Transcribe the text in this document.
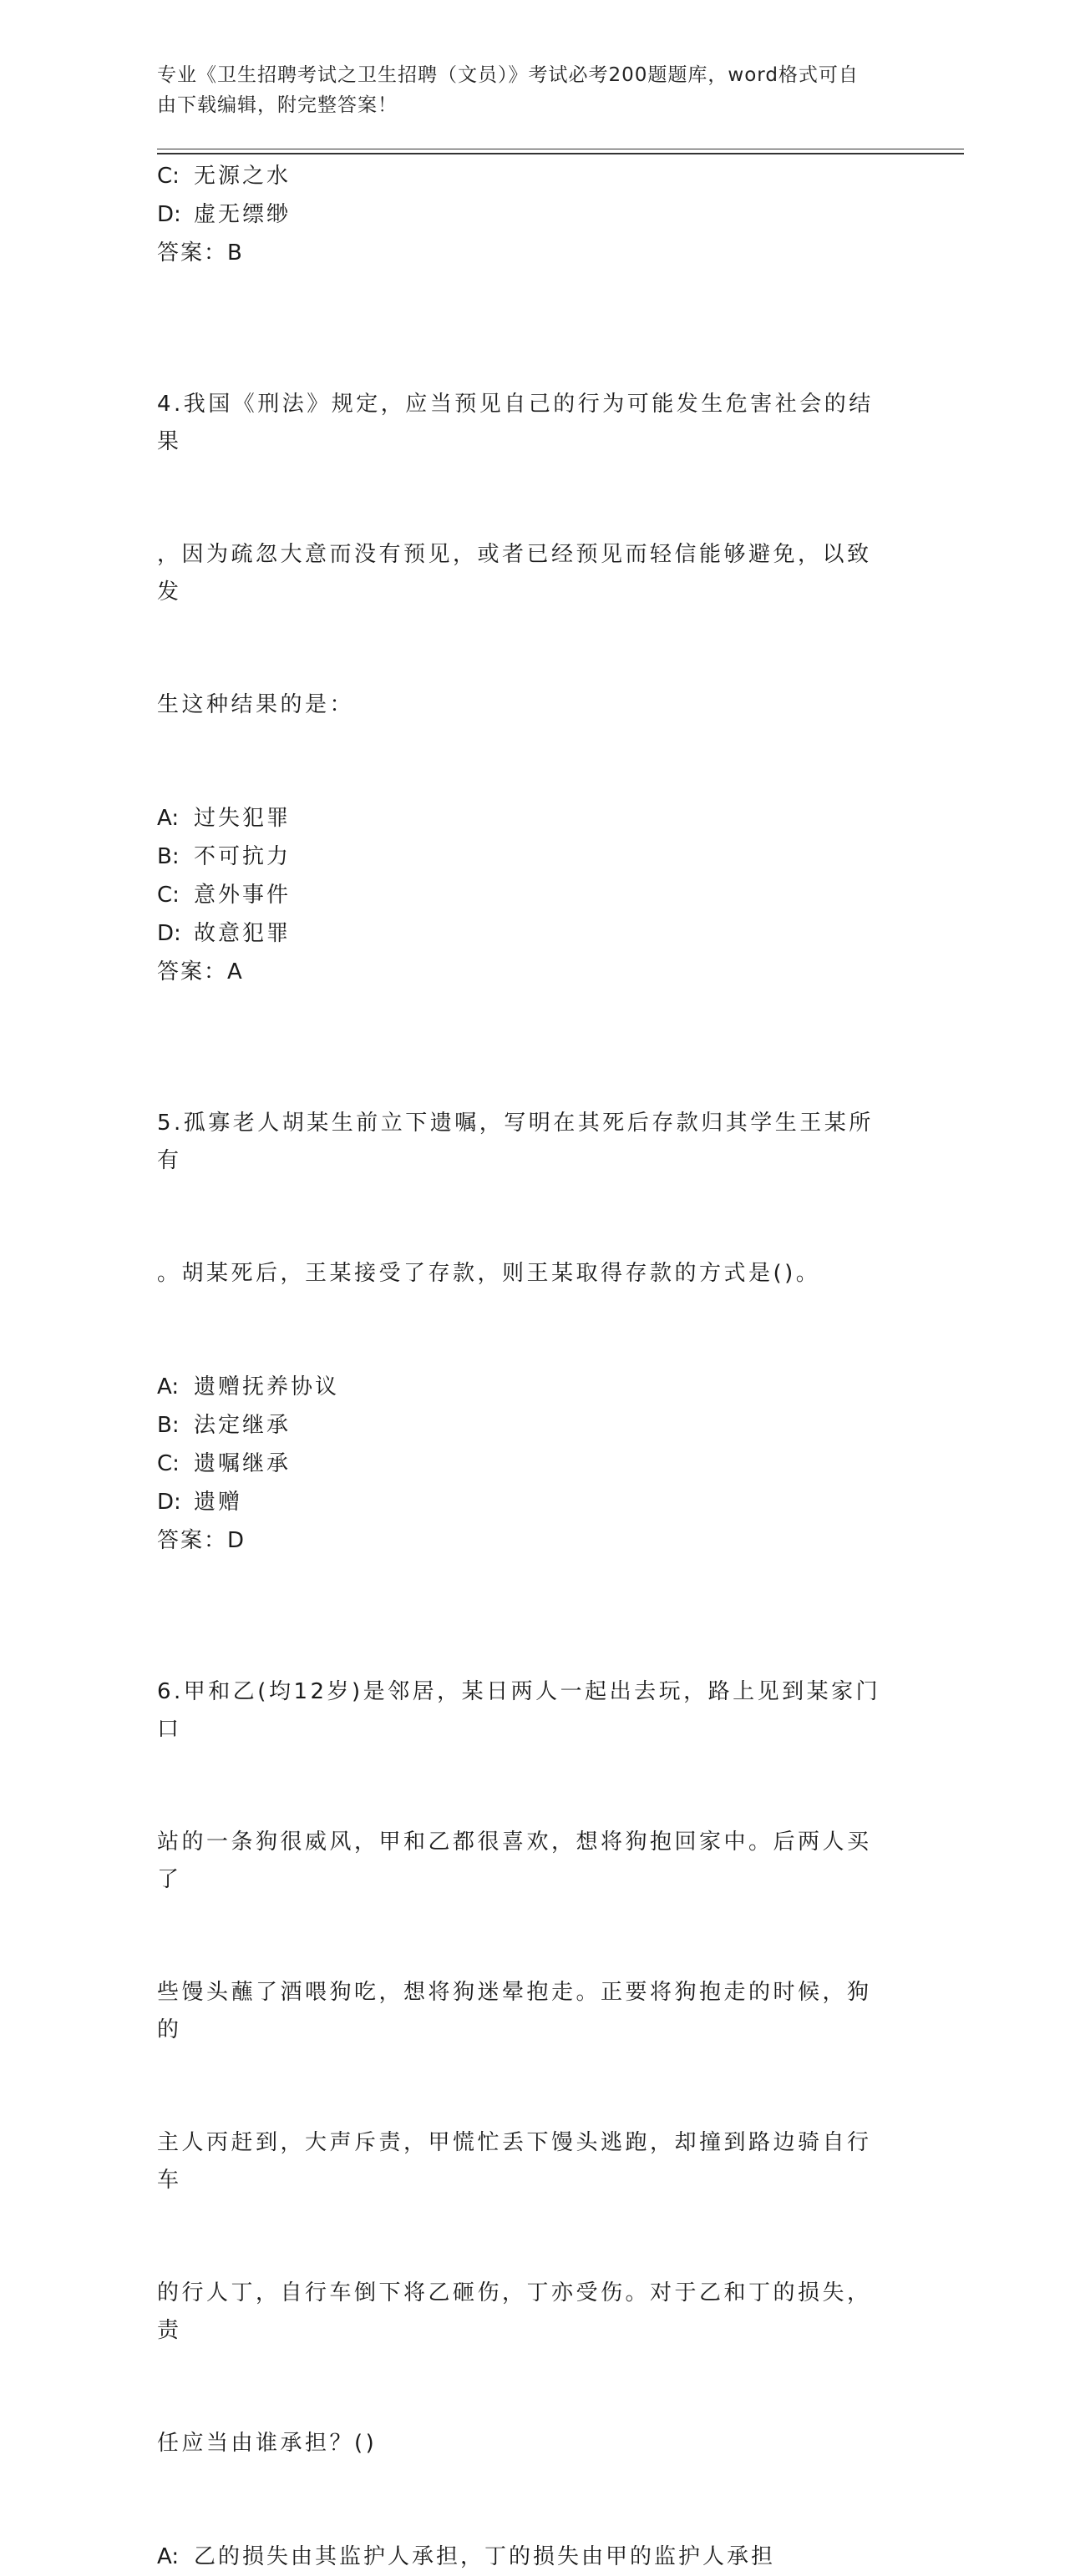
专业《卫生招聘考试之卫生招聘（文员）》考试必考200题题库，word格式可自
由下载编辑，附完整答案！
C: 无源之水
D: 虚无缥缈
答案：B

4.我国《刑法》规定，应当预见自己的行为可能发生危害社会的结果

，因为疏忽大意而没有预见，或者已经预见而轻信能够避免，以致发

生这种结果的是：

A: 过失犯罪
B: 不可抗力
C: 意外事件
D: 故意犯罪
答案：A

5.孤寡老人胡某生前立下遗嘱，写明在其死后存款归其学生王某所有

。胡某死后，王某接受了存款，则王某取得存款的方式是()。

A: 遗赠抚养协议
B: 法定继承
C: 遗嘱继承
D: 遗赠
答案：D

6.甲和乙(均12岁)是邻居，某日两人一起出去玩，路上见到某家门口

站的一条狗很威风，甲和乙都很喜欢，想将狗抱回家中。后两人买了

些馒头蘸了酒喂狗吃，想将狗迷晕抱走。正要将狗抱走的时候，狗的

主人丙赶到，大声斥责，甲慌忙丢下馒头逃跑，却撞到路边骑自行车

的行人丁，自行车倒下将乙砸伤，丁亦受伤。对于乙和丁的损失，责

任应当由谁承担？()

A: 乙的损失由其监护人承担，丁的损失由甲的监护人承担
